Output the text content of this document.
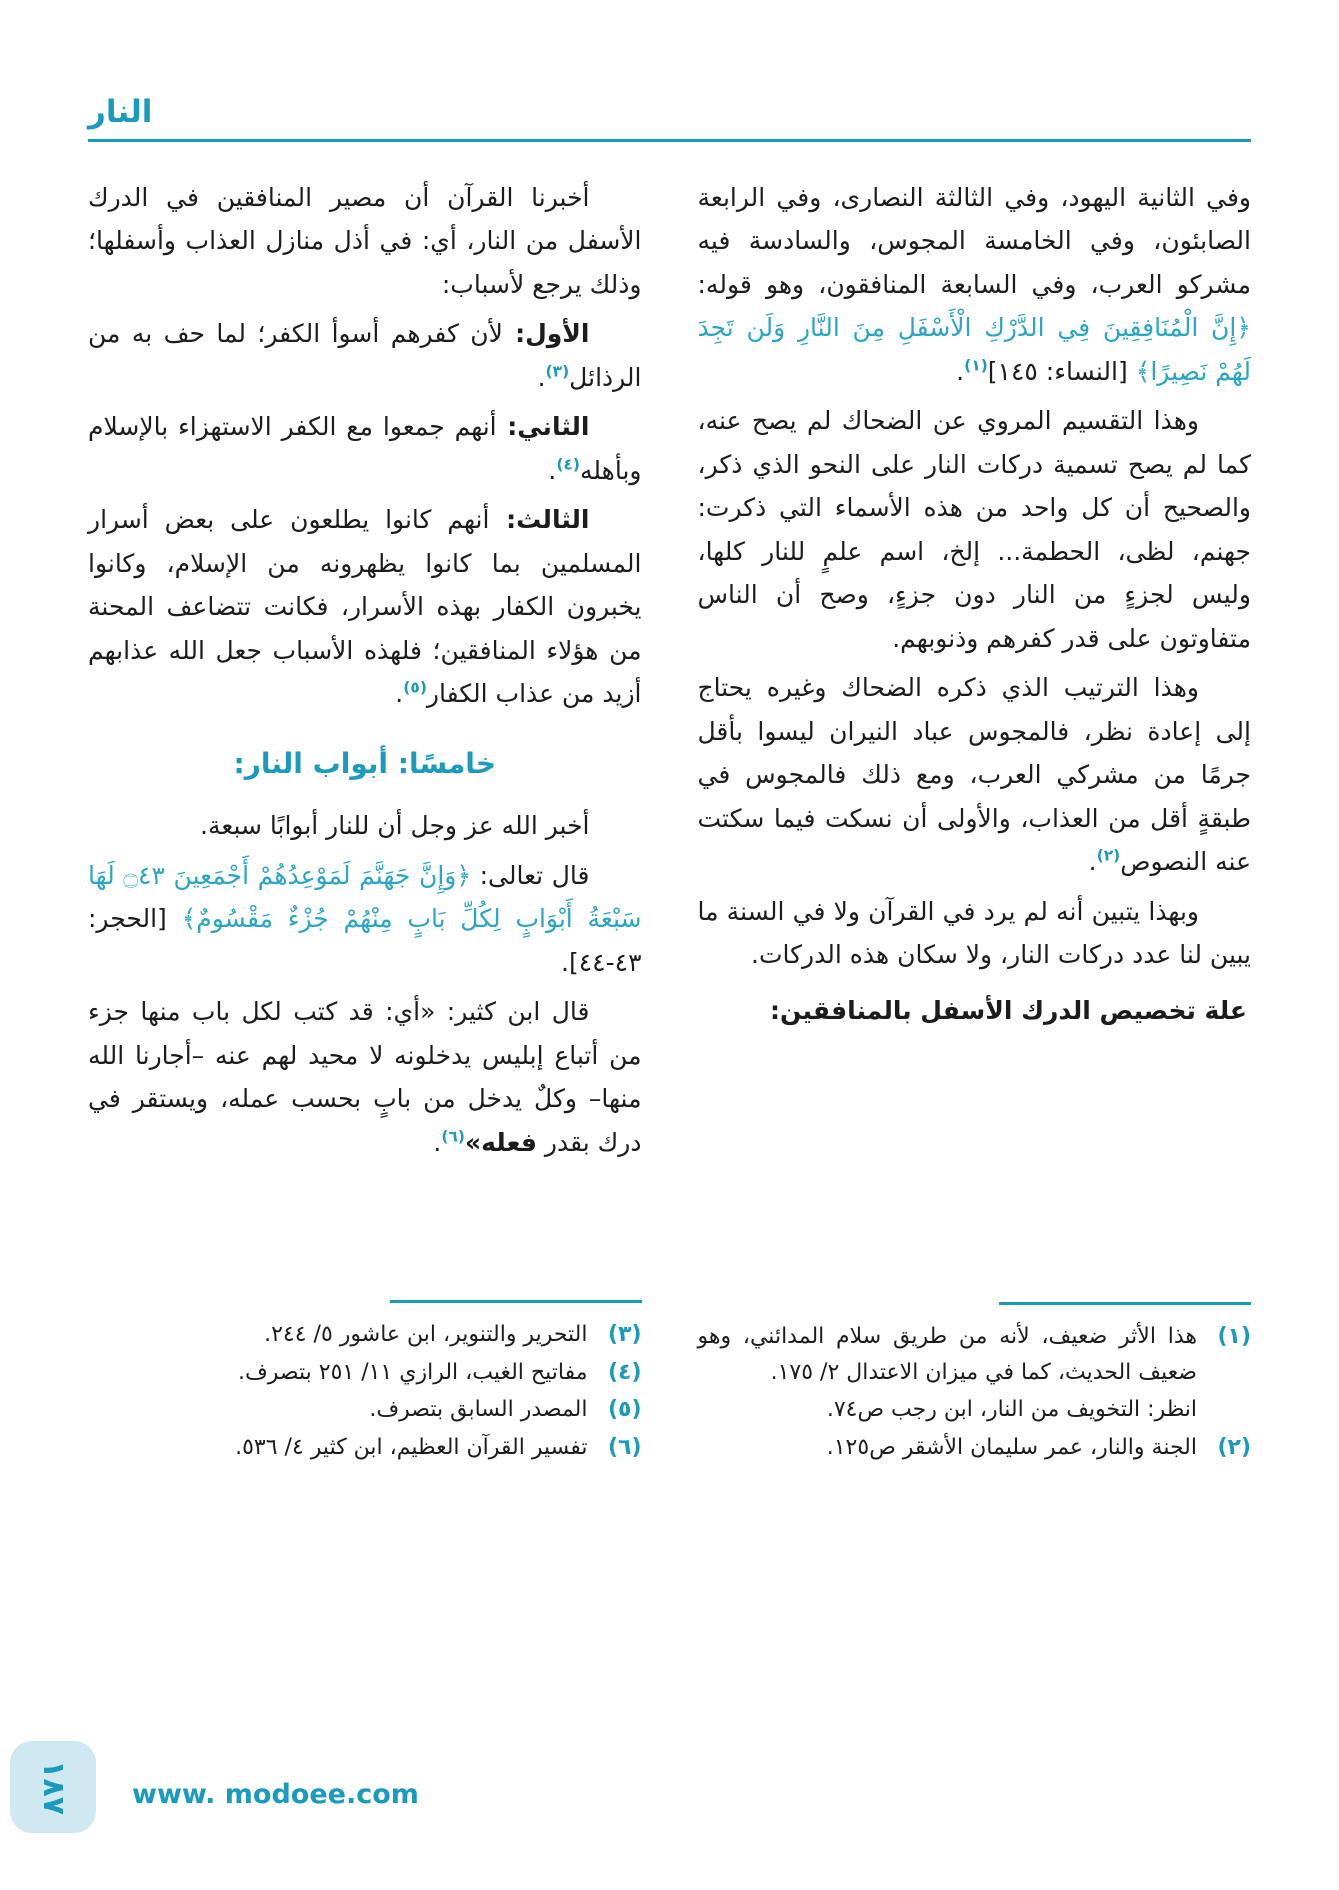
النار

وفي الثانية اليهود، وفي الثالثة النصارى، وفي الرابعة الصابئون، وفي الخامسة المجوس، والسادسة فيه مشركو العرب، وفي السابعة المنافقون، وهو قوله: ﴿إِنَّ الْمُنَافِقِينَ فِي الدَّرْكِ الْأَسْفَلِ مِنَ النَّارِ وَلَن تَجِدَ لَهُمْ نَصِيرًا﴾ [النساء: ١٤٥]$^{(١)}$.

وهذا التقسيم المروي عن الضحاك لم يصح عنه، كما لم يصح تسمية دركات النار على النحو الذي ذكر، والصحيح أن كل واحد من هذه الأسماء التي ذكرت: جهنم، لظى، الحطمة... إلخ، اسم علمٍ للنار كلها، وليس لجزءٍ من النار دون جزءٍ، وصح أن الناس متفاوتون على قدر كفرهم وذنوبهم.

وهذا الترتيب الذي ذكره الضحاك وغيره يحتاج إلى إعادة نظر، فالمجوس عباد النيران ليسوا بأقل جرمًا من مشركي العرب، ومع ذلك فالمجوس في طبقةٍ أقل من العذاب، والأولى أن نسكت فيما سكتت عنه النصوص$^{(٢)}$.

وبهذا يتبين أنه لم يرد في القرآن ولا في السنة ما يبين لنا عدد دركات النار، ولا سكان هذه الدركات.

علة تخصيص الدرك الأسفل بالمنافقين:

(١)
هذا الأثر ضعيف، لأنه من طريق سلام المدائني، وهو ضعيف الحديث، كما في ميزان الاعتدال ٢/ ١٧٥.
انظر: التخويف من النار، ابن رجب ص٧٤.
(٢)
الجنة والنار، عمر سليمان الأشقر ص١٢٥.

أخبرنا القرآن أن مصير المنافقين في الدرك الأسفل من النار، أي: في أذل منازل العذاب وأسفلها؛ وذلك يرجع لأسباب:

الأول: لأن كفرهم أسوأ الكفر؛ لما حف به من الرذائل$^{(٣)}$.

الثاني: أنهم جمعوا مع الكفر الاستهزاء بالإسلام وبأهله$^{(٤)}$.

الثالث: أنهم كانوا يطلعون على بعض أسرار المسلمين بما كانوا يظهرونه من الإسلام، وكانوا يخبرون الكفار بهذه الأسرار، فكانت تتضاعف المحنة من هؤلاء المنافقين؛ فلهذه الأسباب جعل الله عذابهم أزيد من عذاب الكفار$^{(٥)}$.

خامسًا: أبواب النار:

أخبر الله عز وجل أن للنار أبوابًا سبعة.

قال تعالى: ﴿وَإِنَّ جَهَنَّمَ لَمَوْعِدُهُمْ أَجْمَعِينَ ۝٤٣ لَهَا سَبْعَةُ أَبْوَابٍ لِكُلِّ بَابٍ مِنْهُمْ جُزْءٌ مَقْسُومٌ﴾ [الحجر: ٤٣-٤٤].

قال ابن كثير: «أي: قد كتب لكل باب منها جزء من أتباع إبليس يدخلونه لا محيد لهم عنه –أجارنا الله منها– وكلٌ يدخل من بابٍ بحسب عمله، ويستقر في درك بقدر فعله»$^{(٦)}$.

(٣)
التحرير والتنوير، ابن عاشور ٥/ ٢٤٤.
(٤)
مفاتيح الغيب، الرازي ١١/ ٢٥١ بتصرف.
(٥)
المصدر السابق بتصرف.
(٦)
تفسير القرآن العظيم، ابن كثير ٤/ ٥٣٦.
١٨٧ www. modoee.com
